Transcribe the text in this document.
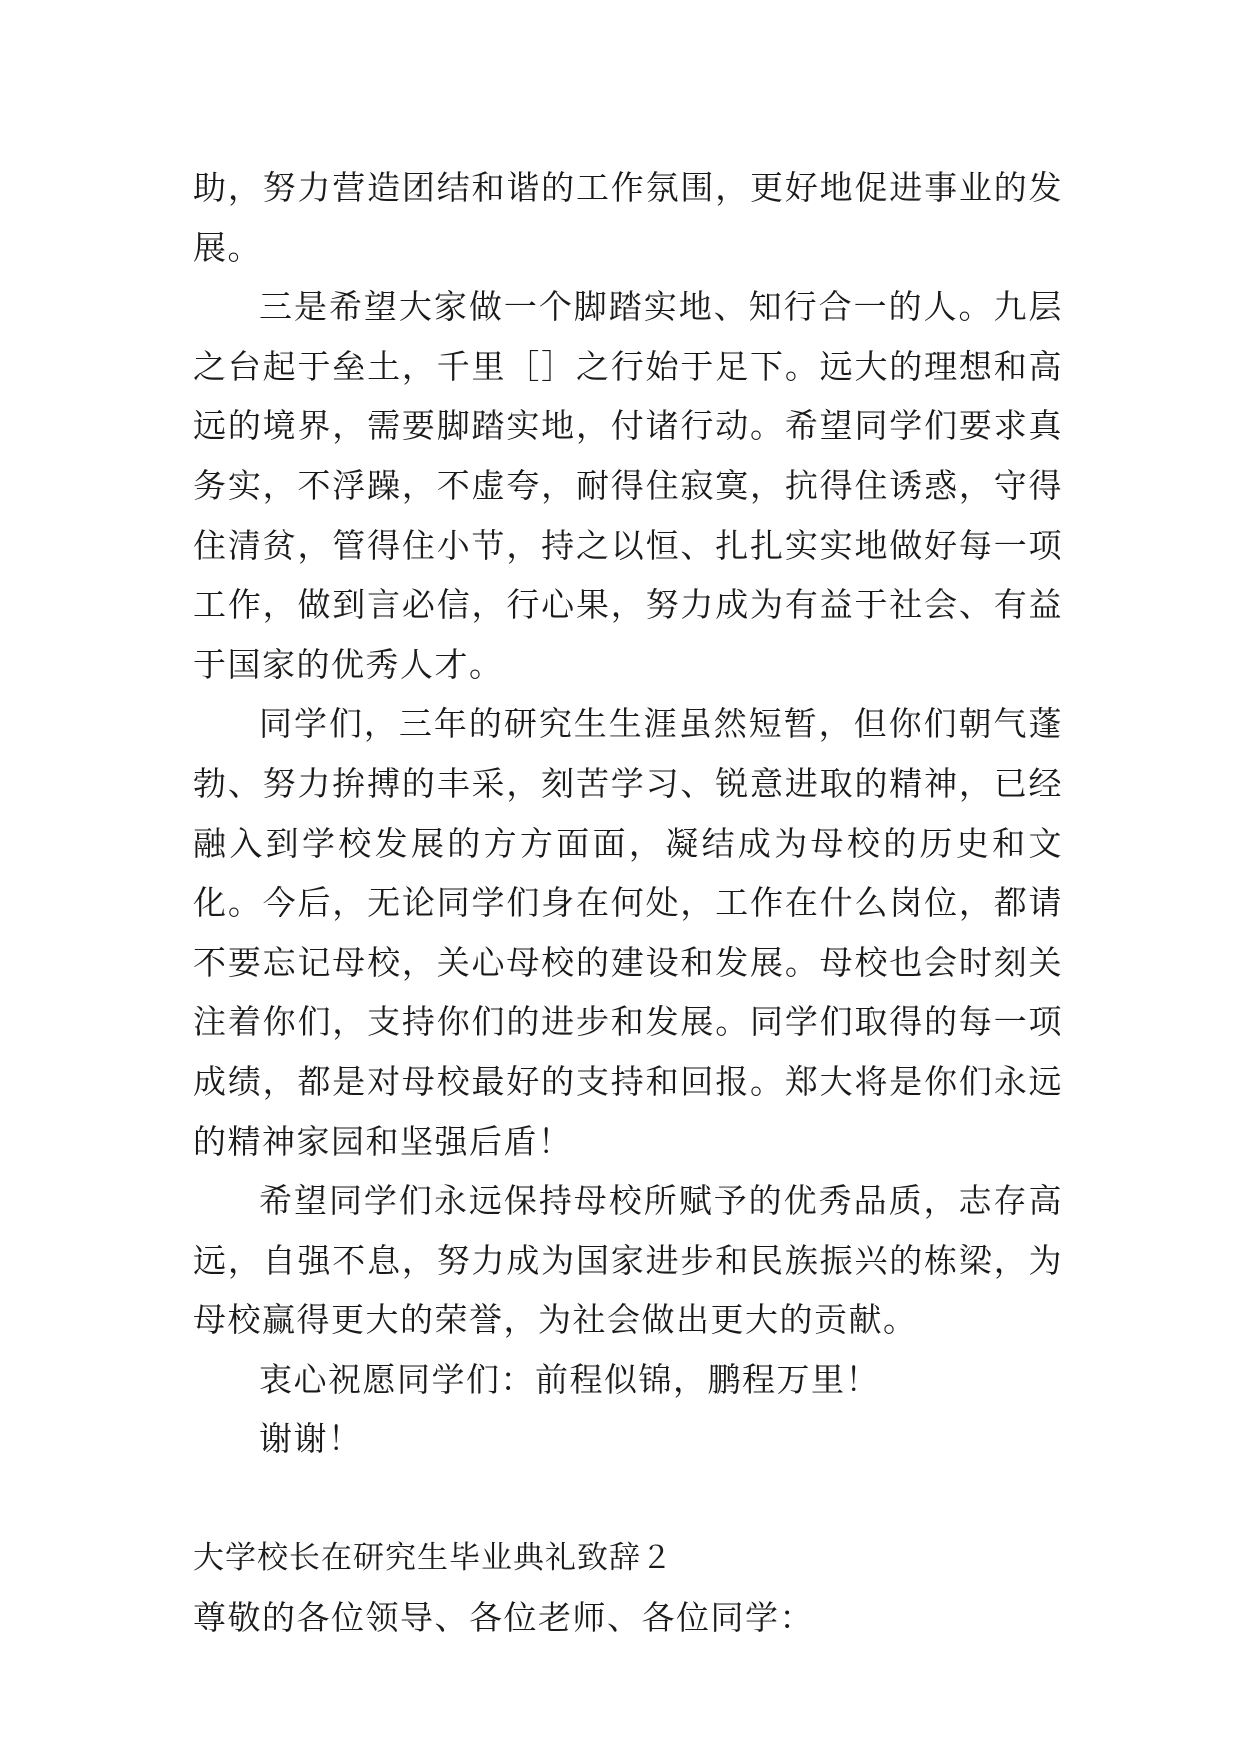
助，努力营造团结和谐的工作氛围，更好地促进事业的发展。

三是希望大家做一个脚踏实地、知行合一的人。九层之台起于垒土，千里［］之行始于足下。远大的理想和高远的境界，需要脚踏实地，付诸行动。希望同学们要求真务实，不浮躁，不虚夸，耐得住寂寞，抗得住诱惑，守得住清贫，管得住小节，持之以恒、扎扎实实地做好每一项工作，做到言必信，行心果，努力成为有益于社会、有益于国家的优秀人才。

同学们，三年的研究生生涯虽然短暂，但你们朝气蓬勃、努力拚搏的丰采，刻苦学习、锐意进取的精神，已经融入到学校发展的方方面面，凝结成为母校的历史和文化。今后，无论同学们身在何处，工作在什么岗位，都请不要忘记母校，关心母校的建设和发展。母校也会时刻关注着你们，支持你们的进步和发展。同学们取得的每一项成绩，都是对母校最好的支持和回报。郑大将是你们永远的精神家园和坚强后盾！

希望同学们永远保持母校所赋予的优秀品质，志存高远，自强不息，努力成为国家进步和民族振兴的栋梁，为母校赢得更大的荣誉，为社会做出更大的贡献。

衷心祝愿同学们：前程似锦，鹏程万里！

谢谢！

大学校长在研究生毕业典礼致辞２

尊敬的各位领导、各位老师、各位同学：
